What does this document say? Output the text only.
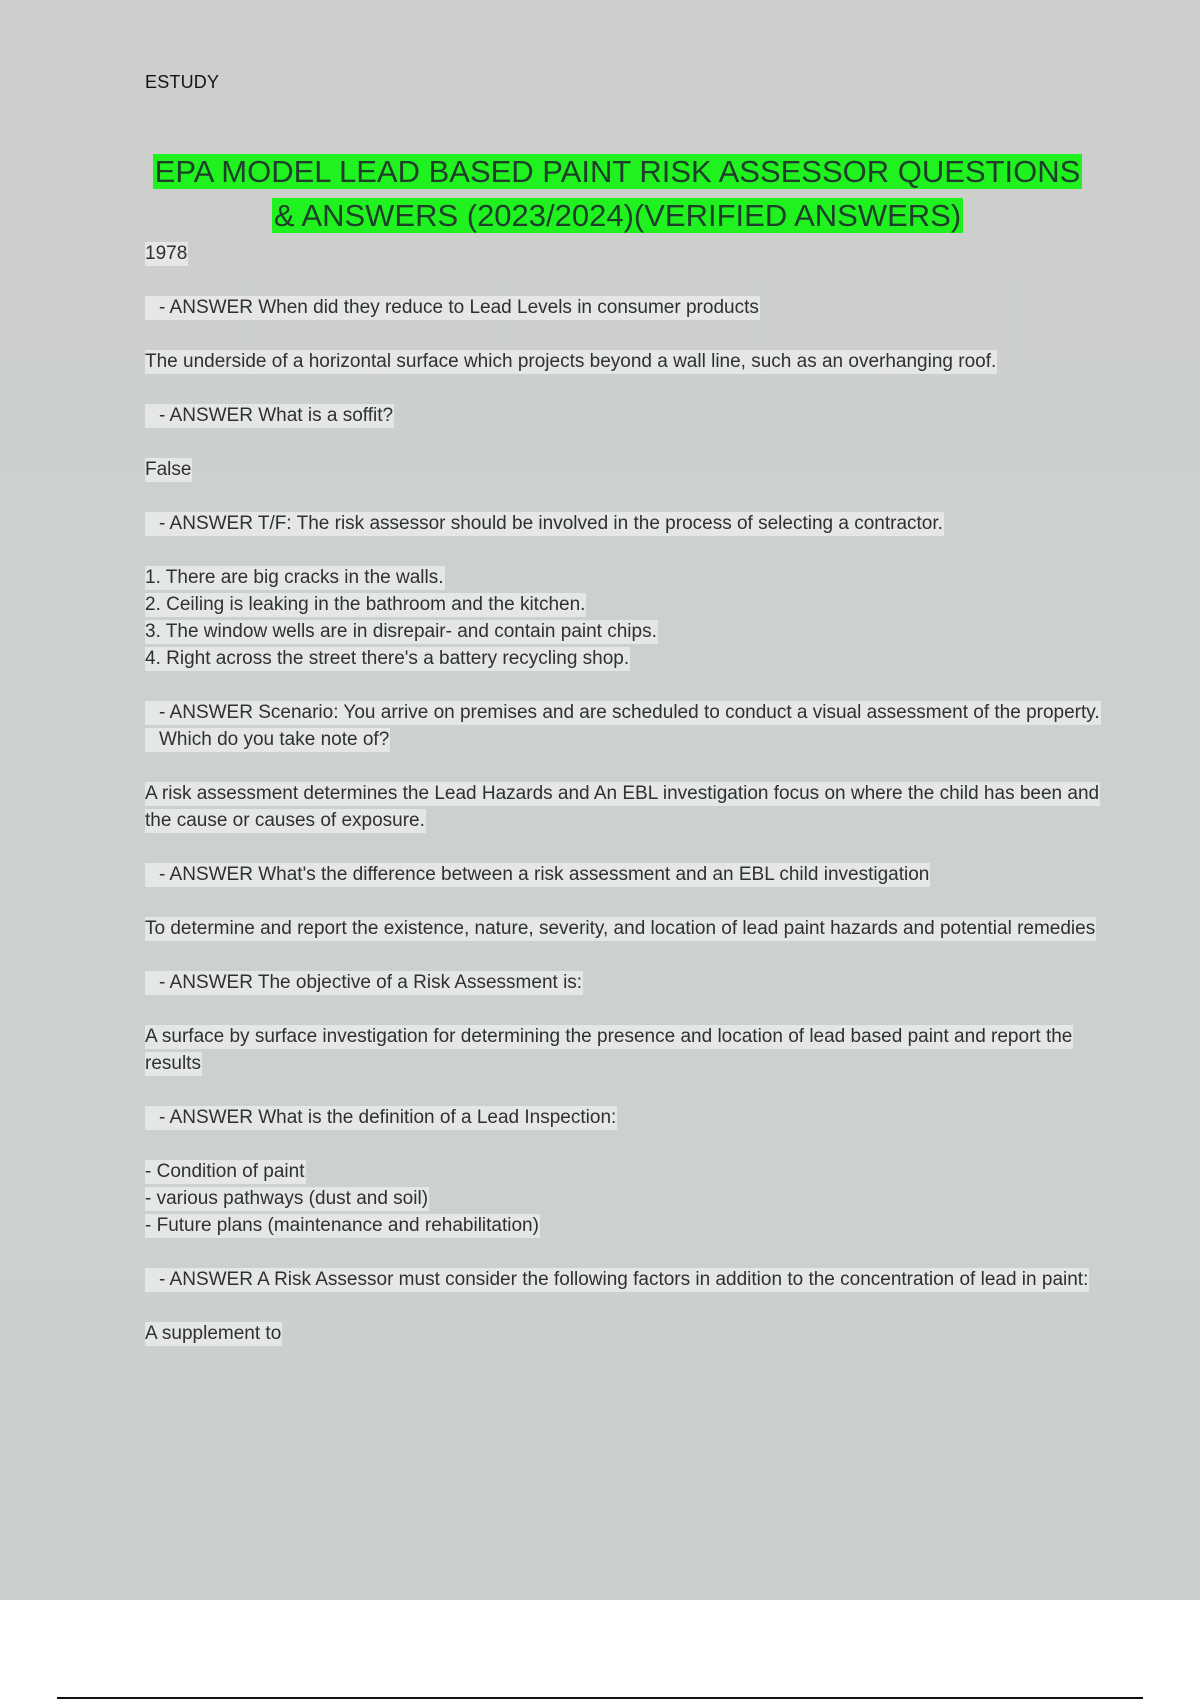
ESTUDY
EPA MODEL LEAD BASED PAINT RISK ASSESSOR QUESTIONS & ANSWERS (2023/2024)(VERIFIED ANSWERS)
1978
- ANSWER When did they reduce to Lead Levels in consumer products
The underside of a horizontal surface which projects beyond a wall line, such as an overhanging roof.
- ANSWER What is a soffit?
False
- ANSWER T/F: The risk assessor should be involved in the process of selecting a contractor.
1. There are big cracks in the walls.
2. Ceiling is leaking in the bathroom and the kitchen.
3. The window wells are in disrepair- and contain paint chips.
4. Right across the street there's a battery recycling shop.
- ANSWER Scenario: You arrive on premises and are scheduled to conduct a visual assessment of the property. Which do you take note of?
A risk assessment determines the Lead Hazards and An EBL investigation focus on where the child has been and the cause or causes of exposure.
- ANSWER What's the difference between a risk assessment and an EBL child investigation
To determine and report the existence, nature, severity, and location of lead paint hazards and potential remedies
- ANSWER The objective of a Risk Assessment is:
A surface by surface investigation for determining the presence and location of lead based paint and report the results
- ANSWER What is the definition of a Lead Inspection:
- Condition of paint
- various pathways (dust and soil)
- Future plans (maintenance and rehabilitation)
- ANSWER A Risk Assessor must consider the following factors in addition to the concentration of lead in paint:
A supplement to
